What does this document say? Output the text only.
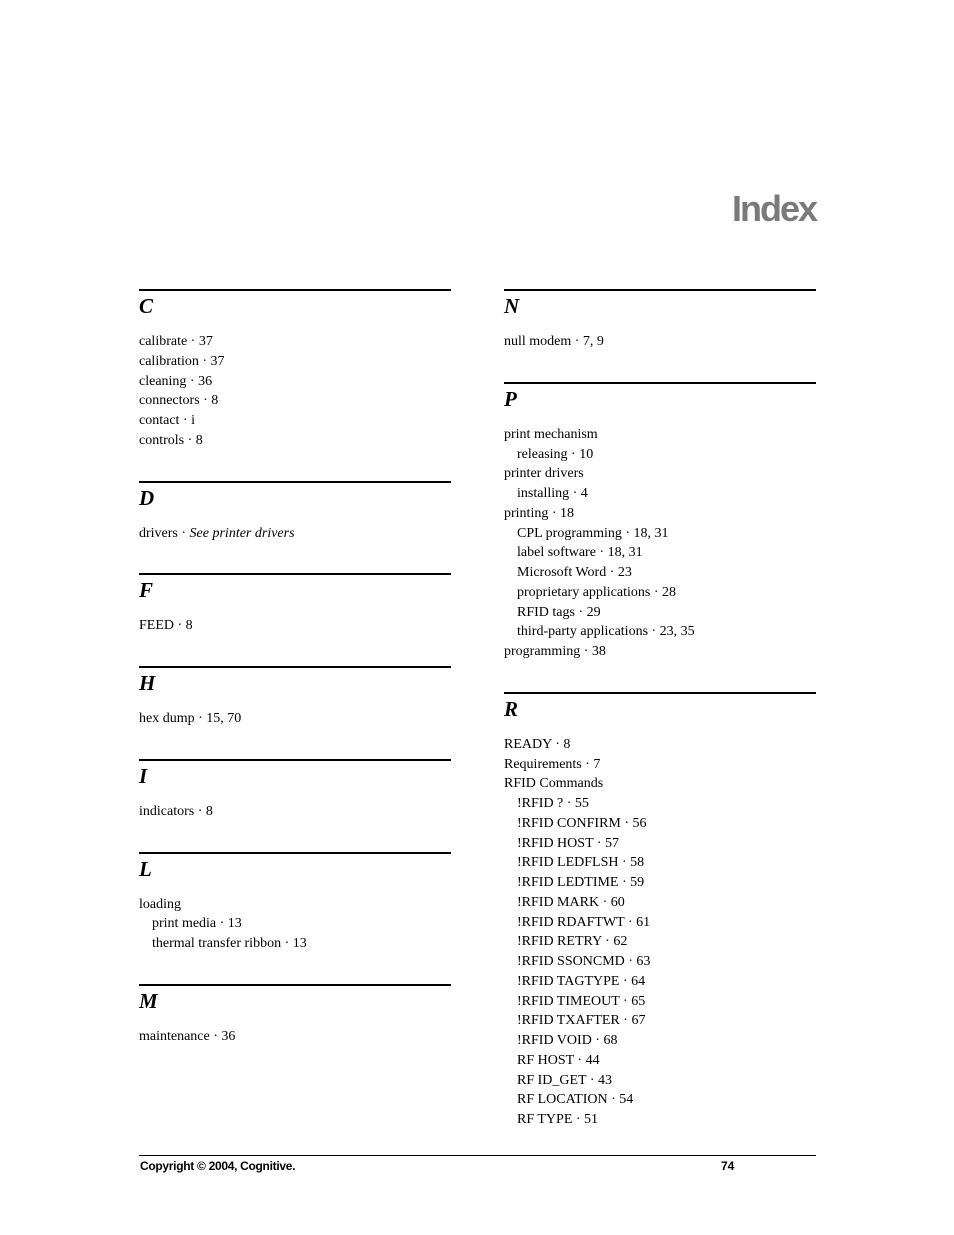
Index
C
calibrate · 37
calibration · 37
cleaning · 36
connectors · 8
contact · i
controls · 8
D
drivers · See printer drivers
F
FEED · 8
H
hex dump · 15, 70
I
indicators · 8
L
loading
print media · 13
thermal transfer ribbon · 13
M
maintenance · 36
N
null modem · 7, 9
P
print mechanism
releasing · 10
printer drivers
installing · 4
printing · 18
CPL programming · 18, 31
label software · 18, 31
Microsoft Word · 23
proprietary applications · 28
RFID tags · 29
third-party applications · 23, 35
programming · 38
R
READY · 8
Requirements · 7
RFID Commands
!RFID ? · 55
!RFID CONFIRM · 56
!RFID HOST · 57
!RFID LEDFLSH · 58
!RFID LEDTIME · 59
!RFID MARK · 60
!RFID RDAFTWT · 61
!RFID RETRY · 62
!RFID SSONCMD · 63
!RFID TAGTYPE · 64
!RFID TIMEOUT · 65
!RFID TXAFTER · 67
!RFID VOID · 68
RF HOST · 44
RF ID_GET · 43
RF LOCATION · 54
RF TYPE · 51
Copyright © 2004, Cognitive.	74
